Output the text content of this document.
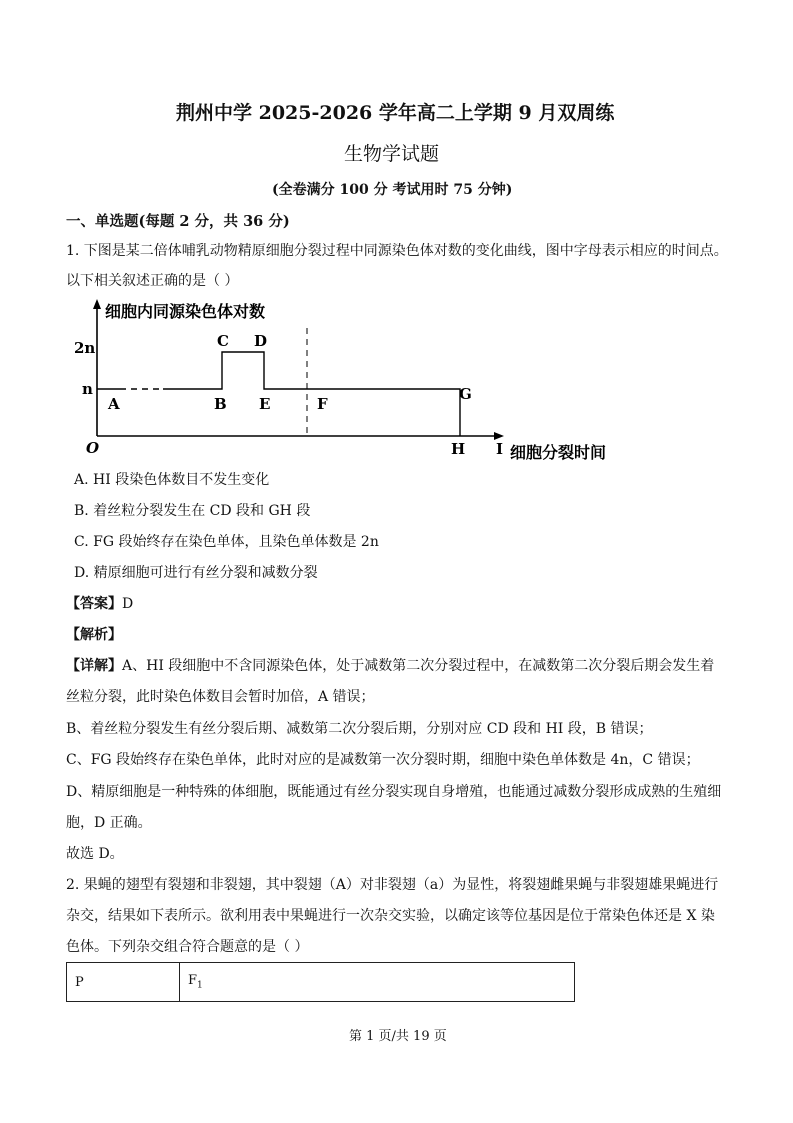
荆州中学 2025-2026 学年高二上学期 9 月双周练
生物学试题
(全卷满分 100 分 考试用时 75 分钟)
一、单选题(每题 2 分，共 36 分)
1. 下图是某二倍体哺乳动物精原细胞分裂过程中同源染色体对数的变化曲线，图中字母表示相应的时间点。
以下相关叙述正确的是（ ）
细胞内同源染色体对数
2n
n
O
A	B
C D
E	F
G
H I 细胞分裂时间
A. HI 段染色体数目不发生变化
B. 着丝粒分裂发生在 CD 段和 GH 段
C. FG 段始终存在染色单体，且染色单体数是 2n
D. 精原细胞可进行有丝分裂和减数分裂
【答案】D
【解析】
【详解】A、HI 段细胞中不含同源染色体，处于减数第二次分裂过程中，在减数第二次分裂后期会发生着
丝粒分裂，此时染色体数目会暂时加倍，A 错误；
B、着丝粒分裂发生有丝分裂后期、减数第二次分裂后期，分别对应 CD 段和 HI 段，B 错误；
C、FG 段始终存在染色单体，此时对应的是减数第一次分裂时期，细胞中染色单体数是 4n，C 错误；
D、精原细胞是一种特殊的体细胞，既能通过有丝分裂实现自身增殖，也能通过减数分裂形成成熟的生殖细
胞，D 正确。
故选 D。
2. 果蝇的翅型有裂翅和非裂翅，其中裂翅（A）对非裂翅（a）为显性，将裂翅雌果蝇与非裂翅雄果蝇进行
杂交，结果如下表所示。欲利用表中果蝇进行一次杂交实验，以确定该等位基因是位于常染色体还是 X 染
色体。下列杂交组合符合题意的是（ ）
P	$F_1$
第 1 页/共 19 页
